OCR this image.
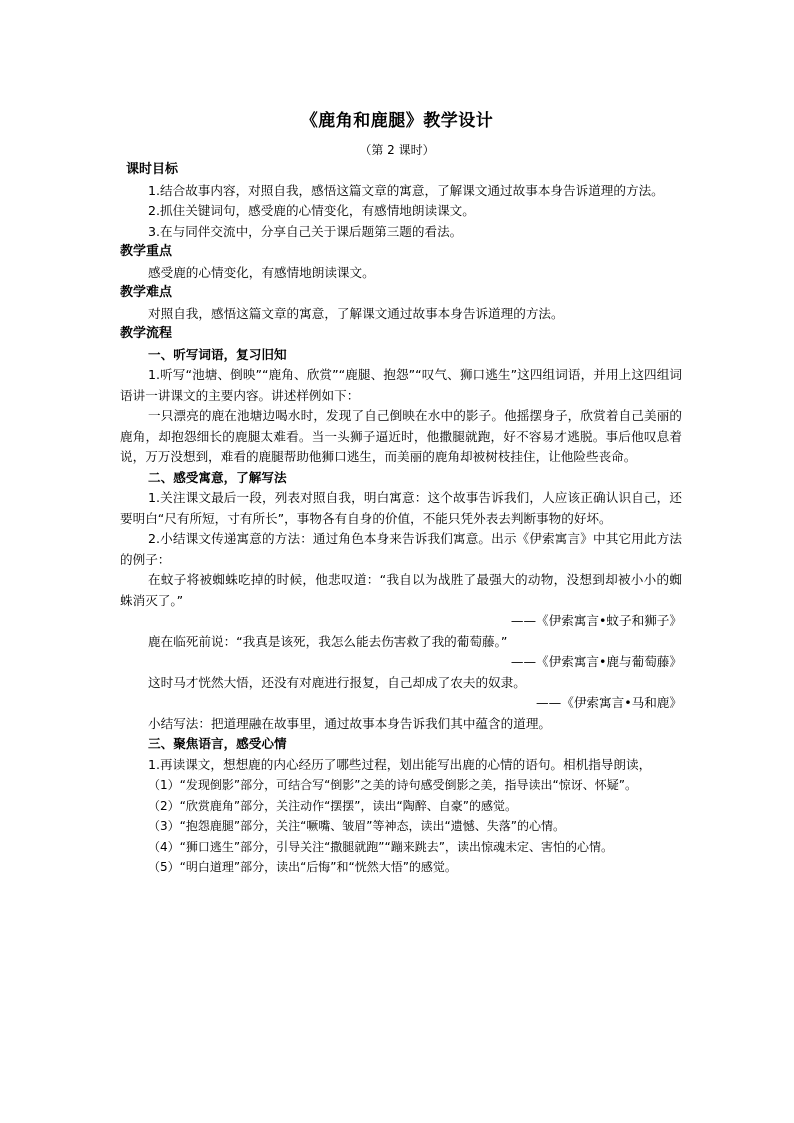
《鹿角和鹿腿》教学设计
（第 2 课时）

课时目标

1.结合故事内容，对照自我，感悟这篇文章的寓意，了解课文通过故事本身告诉道理的方法。

2.抓住关键词句，感受鹿的心情变化，有感情地朗读课文。

3.在与同伴交流中，分享自己关于课后题第三题的看法。

教学重点

感受鹿的心情变化，有感情地朗读课文。

教学难点

对照自我，感悟这篇文章的寓意，了解课文通过故事本身告诉道理的方法。

教学流程

一、听写词语，复习旧知

1.听写“池塘、倒映”“鹿角、欣赏”“鹿腿、抱怨”“叹气、狮口逃生”这四组词语，并用上这四组词语讲一讲课文的主要内容。讲述样例如下：

一只漂亮的鹿在池塘边喝水时，发现了自己倒映在水中的影子。他摇摆身子，欣赏着自己美丽的鹿角，却抱怨细长的鹿腿太难看。当一头狮子逼近时，他撒腿就跑，好不容易才逃脱。事后他叹息着说，万万没想到，难看的鹿腿帮助他狮口逃生，而美丽的鹿角却被树枝挂住，让他险些丧命。

二、感受寓意，了解写法

1.关注课文最后一段，列表对照自我，明白寓意：这个故事告诉我们，人应该正确认识自己，还要明白“尺有所短，寸有所长”，事物各有自身的价值，不能只凭外表去判断事物的好坏。

2.小结课文传递寓意的方法：通过角色本身来告诉我们寓意。出示《伊索寓言》中其它用此方法的例子：

在蚊子将被蜘蛛吃掉的时候，他悲叹道：“我自以为战胜了最强大的动物，没想到却被小小的蜘蛛消灭了。”

——《伊索寓言•蚊子和狮子》

鹿在临死前说：“我真是该死，我怎么能去伤害救了我的葡萄藤。”

——《伊索寓言•鹿与葡萄藤》

这时马才恍然大悟，还没有对鹿进行报复，自己却成了农夫的奴隶。

——《伊索寓言•马和鹿》

小结写法：把道理融在故事里，通过故事本身告诉我们其中蕴含的道理。

三、聚焦语言，感受心情

1.再读课文，想想鹿的内心经历了哪些过程，划出能写出鹿的心情的语句。相机指导朗读，

（1）“发现倒影”部分，可结合写“倒影”之美的诗句感受倒影之美，指导读出“惊讶、怀疑”。

（2）“欣赏鹿角”部分，关注动作“摆摆”，读出“陶醉、自豪”的感觉。

（3）“抱怨鹿腿”部分，关注“噘嘴、皱眉”等神态，读出“遗憾、失落”的心情。

（4）“狮口逃生”部分，引导关注“撒腿就跑”“蹦来跳去”，读出惊魂未定、害怕的心情。

（5）“明白道理”部分，读出“后悔”和“恍然大悟”的感觉。
